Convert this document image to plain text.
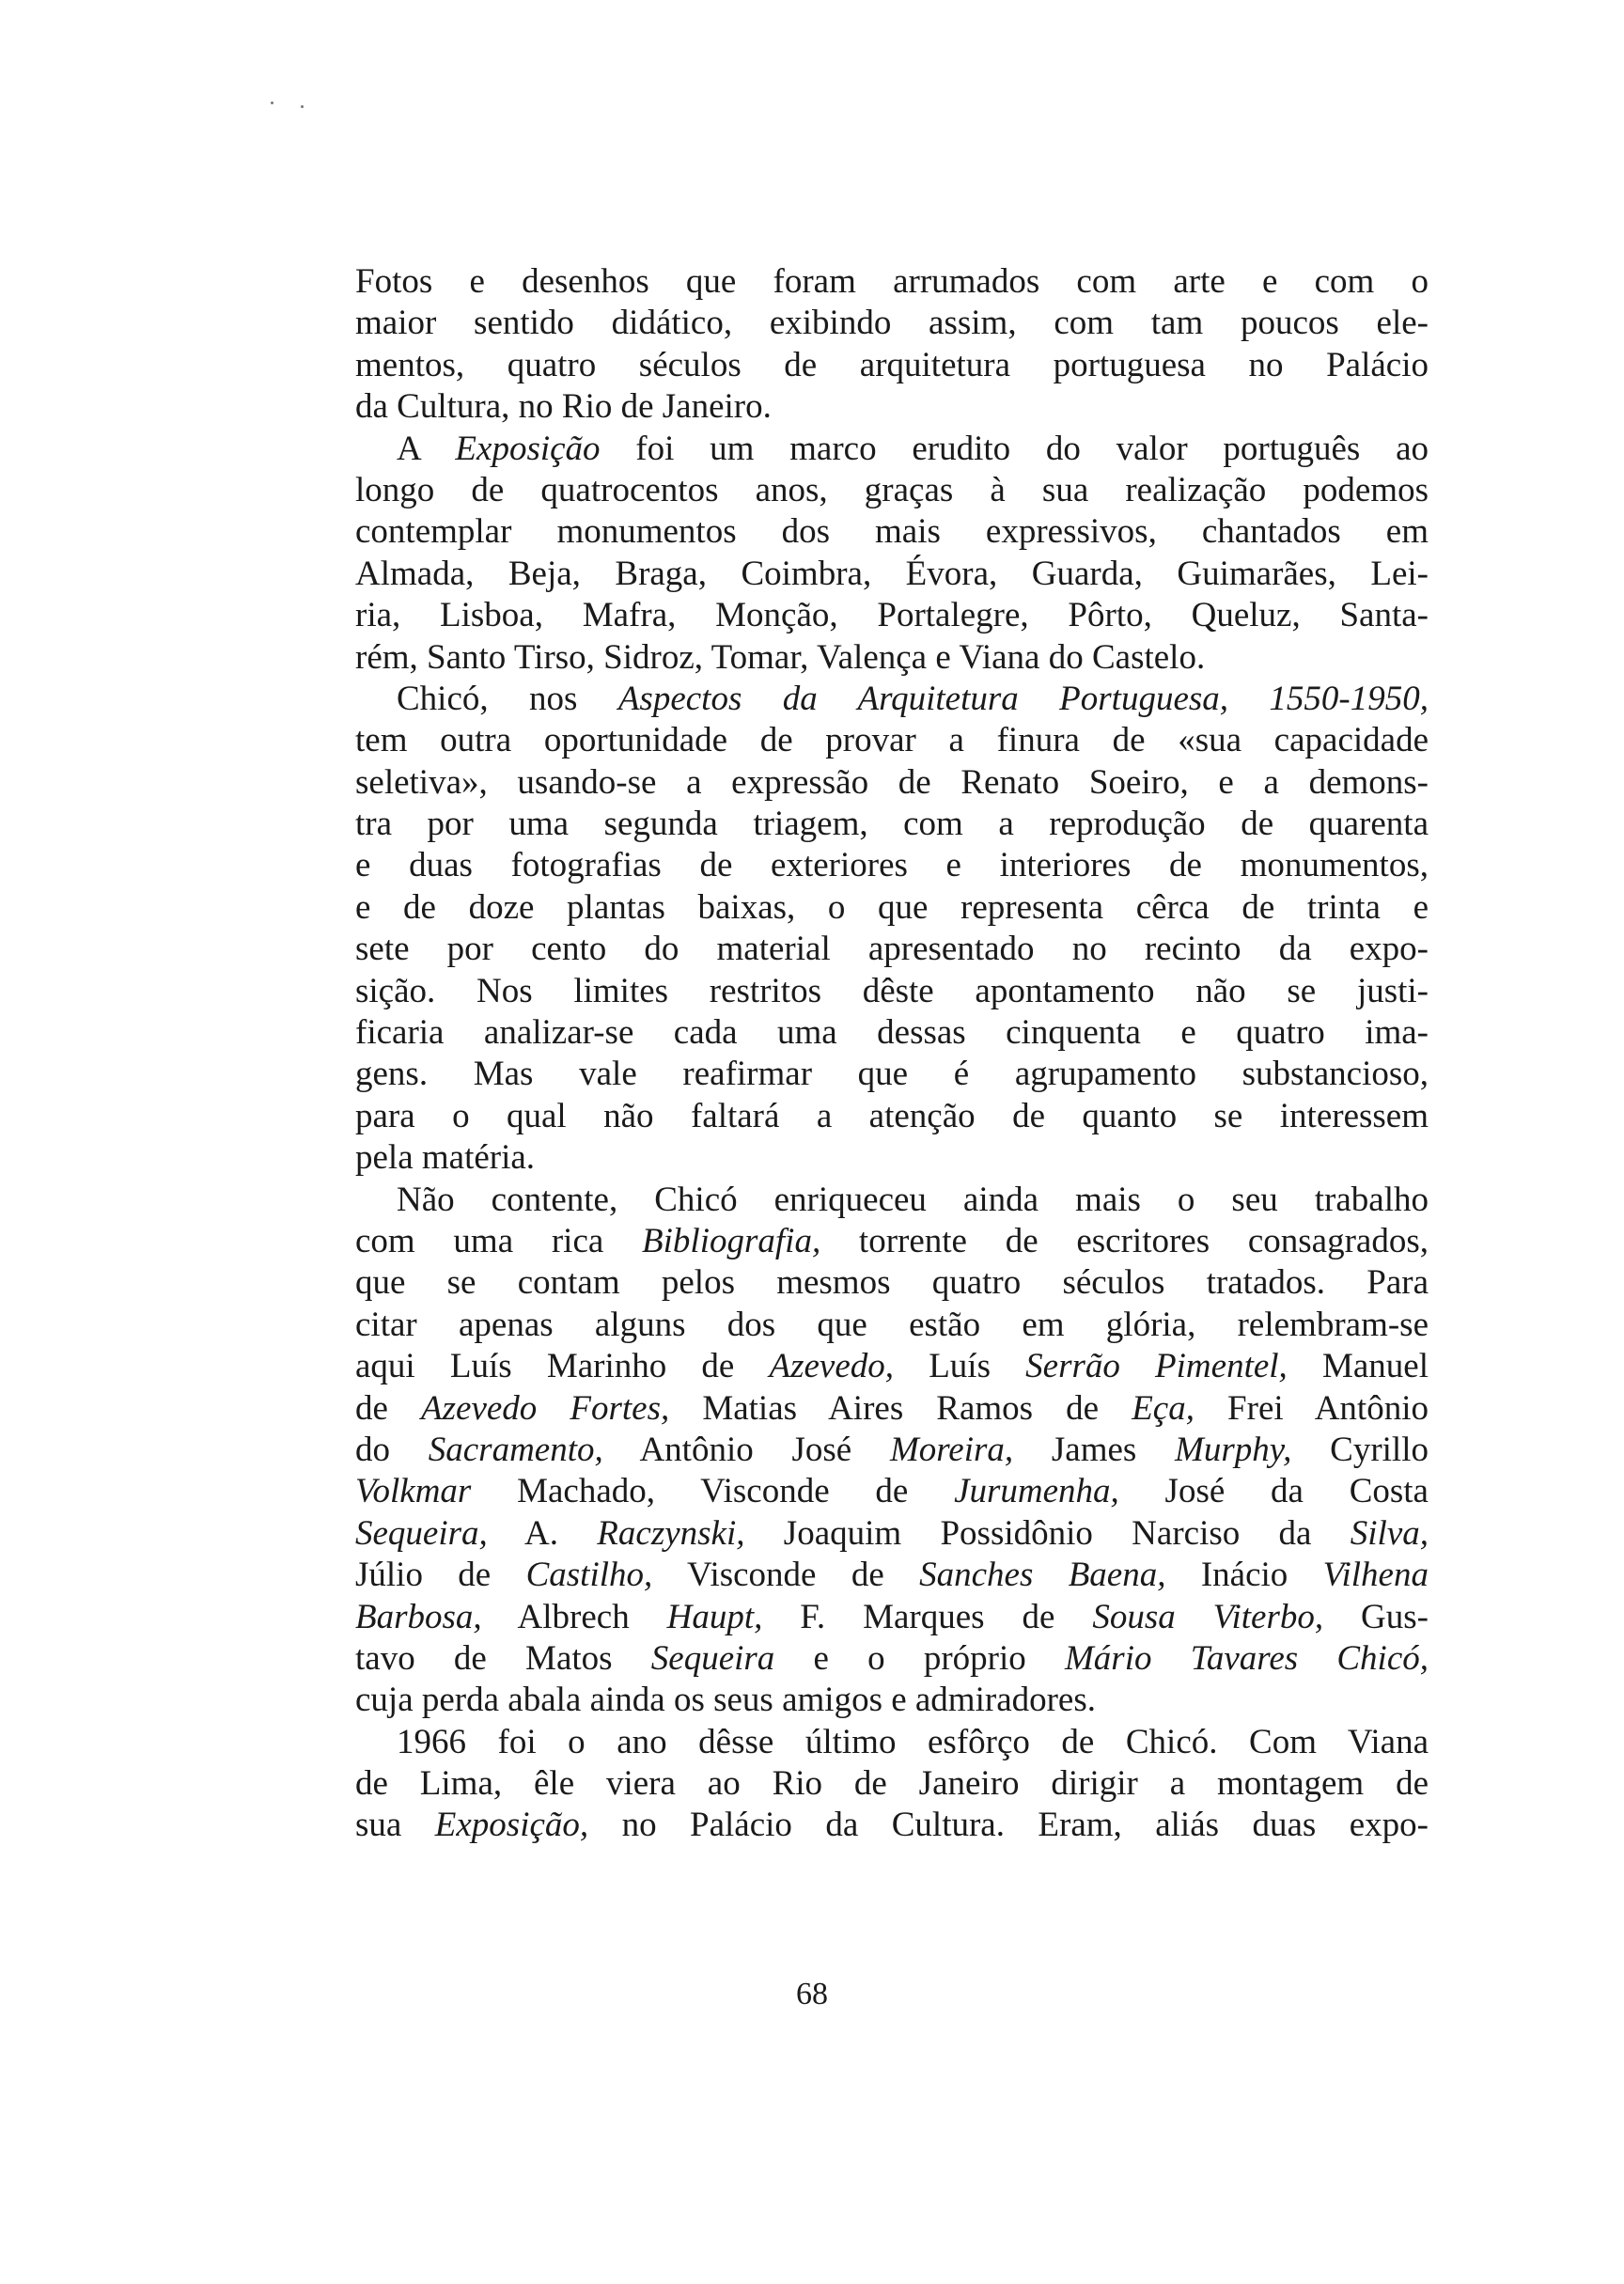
Fotos e desenhos que foram arrumados com arte e com o
maior sentido didático, exibindo assim, com tam poucos ele-
mentos, quatro séculos de arquitetura portuguesa no Palácio
da Cultura, no Rio de Janeiro.
A Exposição foi um marco erudito do valor português ao
longo de quatrocentos anos, graças à sua realização podemos
contemplar monumentos dos mais expressivos, chantados em
Almada, Beja, Braga, Coimbra, Évora, Guarda, Guimarães, Lei-
ria, Lisboa, Mafra, Monção, Portalegre, Pôrto, Queluz, Santa-
rém, Santo Tirso, Sidroz, Tomar, Valença e Viana do Castelo.
Chicó, nos Aspectos da Arquitetura Portuguesa, 1550-1950,
tem outra oportunidade de provar a finura de «sua capacidade
seletiva», usando-se a expressão de Renato Soeiro, e a demons-
tra por uma segunda triagem, com a reprodução de quarenta
e duas fotografias de exteriores e interiores de monumentos,
e de doze plantas baixas, o que representa cêrca de trinta e
sete por cento do material apresentado no recinto da expo-
sição. Nos limites restritos dêste apontamento não se justi-
ficaria analizar-se cada uma dessas cinquenta e quatro ima-
gens. Mas vale reafirmar que é agrupamento substancioso,
para o qual não faltará a atenção de quanto se interessem
pela matéria.
Não contente, Chicó enriqueceu ainda mais o seu trabalho
com uma rica Bibliografia, torrente de escritores consagrados,
que se contam pelos mesmos quatro séculos tratados. Para
citar apenas alguns dos que estão em glória, relembram-se
aqui Luís Marinho de Azevedo, Luís Serrão Pimentel, Manuel
de Azevedo Fortes, Matias Aires Ramos de Eça, Frei Antônio
do Sacramento, Antônio José Moreira, James Murphy, Cyrillo
Volkmar Machado, Visconde de Jurumenha, José da Costa
Sequeira, A. Raczynski, Joaquim Possidônio Narciso da Silva,
Júlio de Castilho, Visconde de Sanches Baena, Inácio Vilhena
Barbosa, Albrech Haupt, F. Marques de Sousa Viterbo, Gus-
tavo de Matos Sequeira e o próprio Mário Tavares Chicó,
cuja perda abala ainda os seus amigos e admiradores.
1966 foi o ano dêsse último esfôrço de Chicó. Com Viana
de Lima, êle viera ao Rio de Janeiro dirigir a montagem de
sua Exposição, no Palácio da Cultura. Eram, aliás duas expo-
68
